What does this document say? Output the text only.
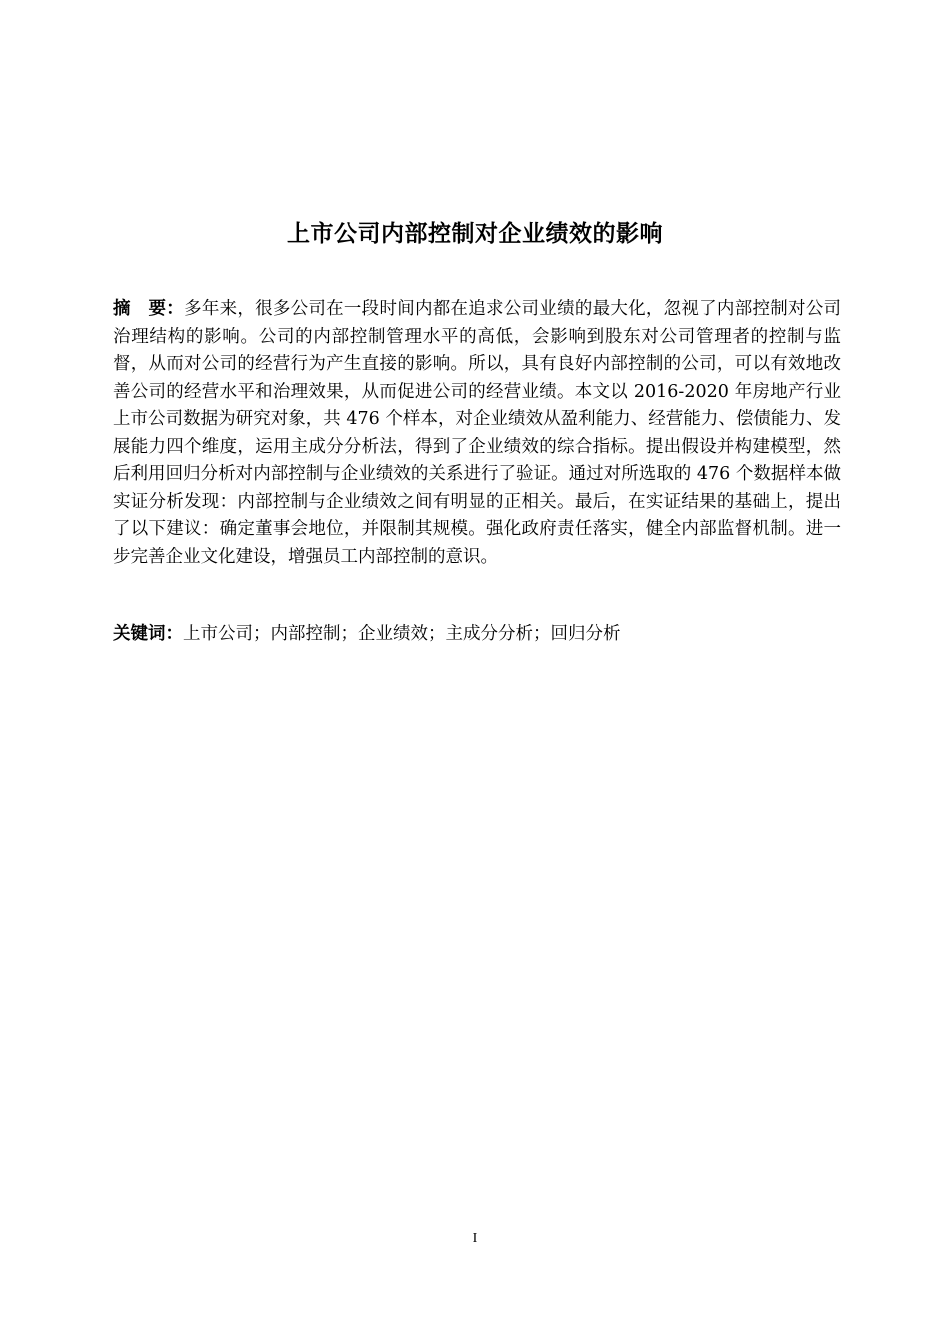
上市公司内部控制对企业绩效的影响

摘　要：多年来，很多公司在一段时间内都在追求公司业绩的最大化，忽视了内部控制对公司治理结构的影响。公司的内部控制管理水平的高低，会影响到股东对公司管理者的控制与监督，从而对公司的经营行为产生直接的影响。所以，具有良好内部控制的公司，可以有效地改善公司的经营水平和治理效果，从而促进公司的经营业绩。本文以 2016-2020 年房地产行业上市公司数据为研究对象，共 476 个样本，对企业绩效从盈利能力、经营能力、偿债能力、发展能力四个维度，运用主成分分析法，得到了企业绩效的综合指标。提出假设并构建模型，然后利用回归分析对内部控制与企业绩效的关系进行了验证。通过对所选取的 476 个数据样本做实证分析发现：内部控制与企业绩效之间有明显的正相关。最后，在实证结果的基础上，提出了以下建议：确定董事会地位，并限制其规模。强化政府责任落实，健全内部监督机制。进一步完善企业文化建设，增强员工内部控制的意识。

关键词：上市公司；内部控制；企业绩效；主成分分析；回归分析

I
